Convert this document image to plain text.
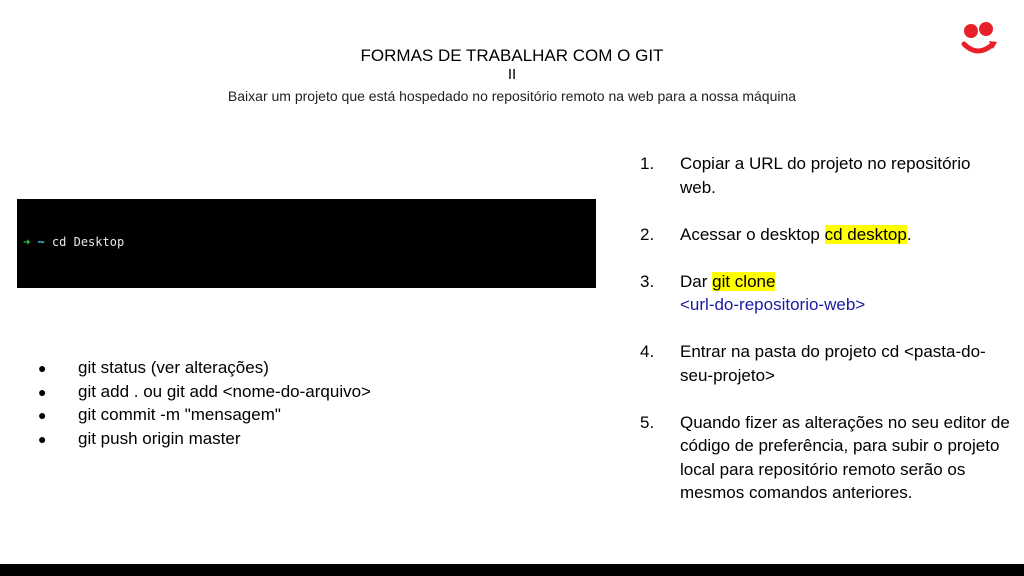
FORMAS DE TRABALHAR COM O GIT
II
Baixar um projeto que está hospedado no repositório remoto na web para a nossa máquina

➜ ~ cd Desktop

● git status (ver alterações)
● git add . ou git add <nome-do-arquivo>
● git commit -m "mensagem"
● git push origin master
1.	Copiar a URL do projeto no repositório web.
2.	Acessar o desktop cd desktop.
3.	Dar git clone
<url-do-repositorio-web>
4.	Entrar na pasta do projeto cd <pasta-do-seu-projeto>
5.	Quando fizer as alterações no seu editor de código de preferência, para subir o projeto local para repositório remoto serão os mesmos comandos anteriores.
